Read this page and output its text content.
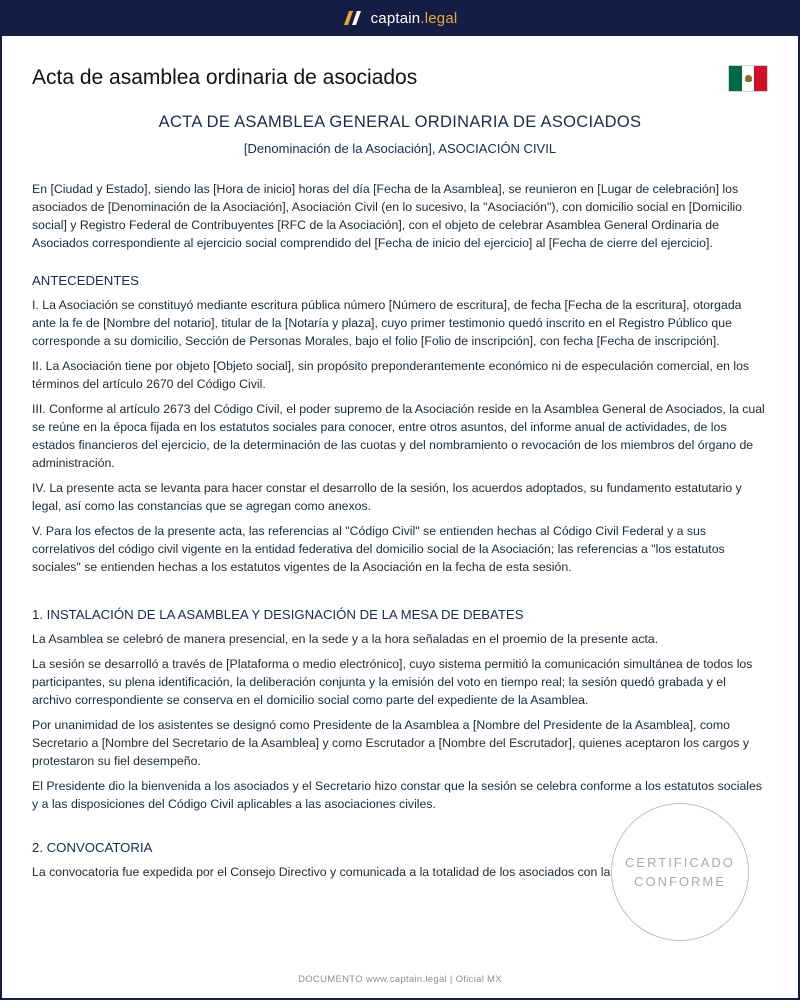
captain.legal
Acta de asamblea ordinaria de asociados
ACTA DE ASAMBLEA GENERAL ORDINARIA DE ASOCIADOS
[Denominación de la Asociación], ASOCIACIÓN CIVIL

En [Ciudad y Estado], siendo las [Hora de inicio] horas del día [Fecha de la Asamblea], se reunieron en [Lugar de celebración] los asociados de [Denominación de la Asociación], Asociación Civil (en lo sucesivo, la "Asociación"), con domicilio social en [Domicilio social] y Registro Federal de Contribuyentes [RFC de la Asociación], con el objeto de celebrar Asamblea General Ordinaria de Asociados correspondiente al ejercicio social comprendido del [Fecha de inicio del ejercicio] al [Fecha de cierre del ejercicio].

ANTECEDENTES

I. La Asociación se constituyó mediante escritura pública número [Número de escritura], de fecha [Fecha de la escritura], otorgada ante la fe de [Nombre del notario], titular de la [Notaría y plaza], cuyo primer testimonio quedó inscrito en el Registro Público que corresponde a su domicilio, Sección de Personas Morales, bajo el folio [Folio de inscripción], con fecha [Fecha de inscripción].

II. La Asociación tiene por objeto [Objeto social], sin propósito preponderantemente económico ni de especulación comercial, en los términos del artículo 2670 del Código Civil.

III. Conforme al artículo 2673 del Código Civil, el poder supremo de la Asociación reside en la Asamblea General de Asociados, la cual se reúne en la época fijada en los estatutos sociales para conocer, entre otros asuntos, del informe anual de actividades, de los estados financieros del ejercicio, de la determinación de las cuotas y del nombramiento o revocación de los miembros del órgano de administración.

IV. La presente acta se levanta para hacer constar el desarrollo de la sesión, los acuerdos adoptados, su fundamento estatutario y legal, así como las constancias que se agregan como anexos.

V. Para los efectos de la presente acta, las referencias al "Código Civil" se entienden hechas al Código Civil Federal y a sus correlativos del código civil vigente en la entidad federativa del domicilio social de la Asociación; las referencias a "los estatutos sociales" se entienden hechas a los estatutos vigentes de la Asociación en la fecha de esta sesión.

1. INSTALACIÓN DE LA ASAMBLEA Y DESIGNACIÓN DE LA MESA DE DEBATES

La Asamblea se celebró de manera presencial, en la sede y a la hora señaladas en el proemio de la presente acta.

La sesión se desarrolló a través de [Plataforma o medio electrónico], cuyo sistema permitió la comunicación simultánea de todos los participantes, su plena identificación, la deliberación conjunta y la emisión del voto en tiempo real; la sesión quedó grabada y el archivo correspondiente se conserva en el domicilio social como parte del expediente de la Asamblea.

Por unanimidad de los asistentes se designó como Presidente de la Asamblea a [Nombre del Presidente de la Asamblea], como Secretario a [Nombre del Secretario de la Asamblea] y como Escrutador a [Nombre del Escrutador], quienes aceptaron los cargos y protestaron su fiel desempeño.

El Presidente dio la bienvenida a los asociados y el Secretario hizo constar que la sesión se celebra conforme a los estatutos sociales y a las disposiciones del Código Civil aplicables a las asociaciones civiles.

2. CONVOCATORIA

La convocatoria fue expedida por el Consejo Directivo y comunicada a la totalidad de los asociados con la

CERTIFICADO
CONFORME
DOCUMENTO www.captain.legal | Oficial MX
